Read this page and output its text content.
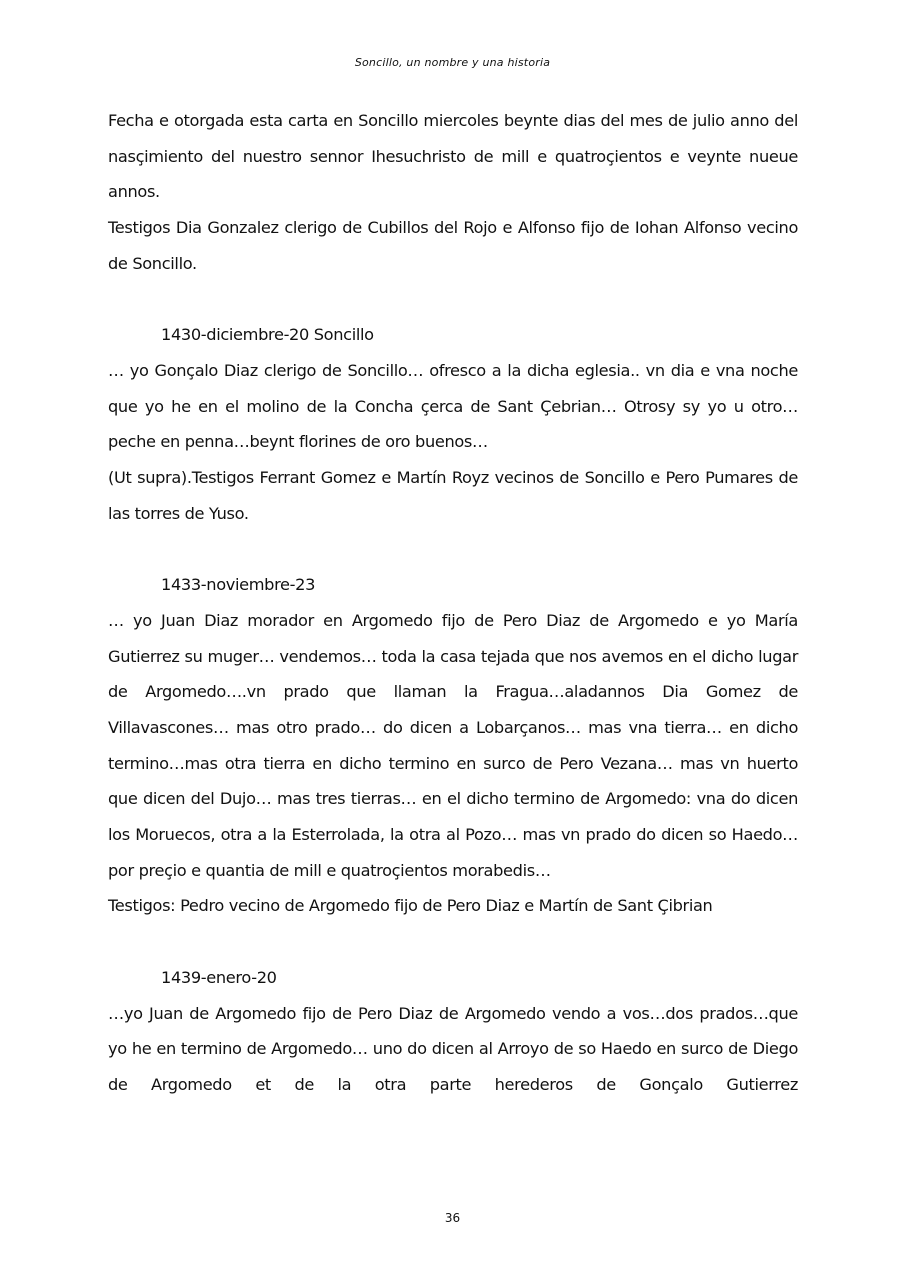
Soncillo, un nombre y una historia

Fecha e otorgada esta carta en Soncillo miercoles beynte dias del mes de julio anno del nasçimiento del nuestro sennor Ihesuchristo de mill e quatroçientos e veynte nueue annos.

Testigos Dia Gonzalez clerigo de Cubillos del Rojo e Alfonso fijo de Iohan Alfonso vecino de Soncillo.

1430-diciembre-20 Soncillo

… yo Gonçalo Diaz clerigo de Soncillo… ofresco a la dicha eglesia.. vn dia e vna noche que yo he en el molino de la Concha çerca de Sant Çebrian… Otrosy sy yo u otro…peche en penna…beynt florines de oro buenos…

(Ut supra).Testigos Ferrant Gomez e Martín Royz vecinos de Soncillo e Pero Pumares de las torres de Yuso.

1433-noviembre-23

… yo Juan Diaz morador en Argomedo fijo de Pero Diaz de Argomedo e yo María Gutierrez su muger… vendemos… toda la casa tejada que nos avemos en el dicho lugar de Argomedo….vn prado que llaman la Fragua…aladannos Dia Gomez de Villavascones… mas otro prado… do dicen a Lobarçanos… mas vna tierra… en dicho termino…mas otra tierra en dicho termino en surco de Pero Vezana… mas vn huerto que dicen del Dujo… mas tres tierras… en el dicho termino de Argomedo: vna do dicen los Moruecos, otra a la Esterrolada, la otra al Pozo… mas vn prado do dicen so Haedo… por preçio e quantia de mill e quatroçientos morabedis…

Testigos: Pedro vecino de Argomedo fijo de Pero Diaz e Martín de Sant Çibrian

1439-enero-20

…yo Juan de Argomedo fijo de Pero Diaz de Argomedo vendo a vos…dos prados…que yo he en termino de Argomedo… uno do dicen al Arroyo de so Haedo en surco de Diego de Argomedo et de la otra parte herederos de Gonçalo Gutierrez

36
